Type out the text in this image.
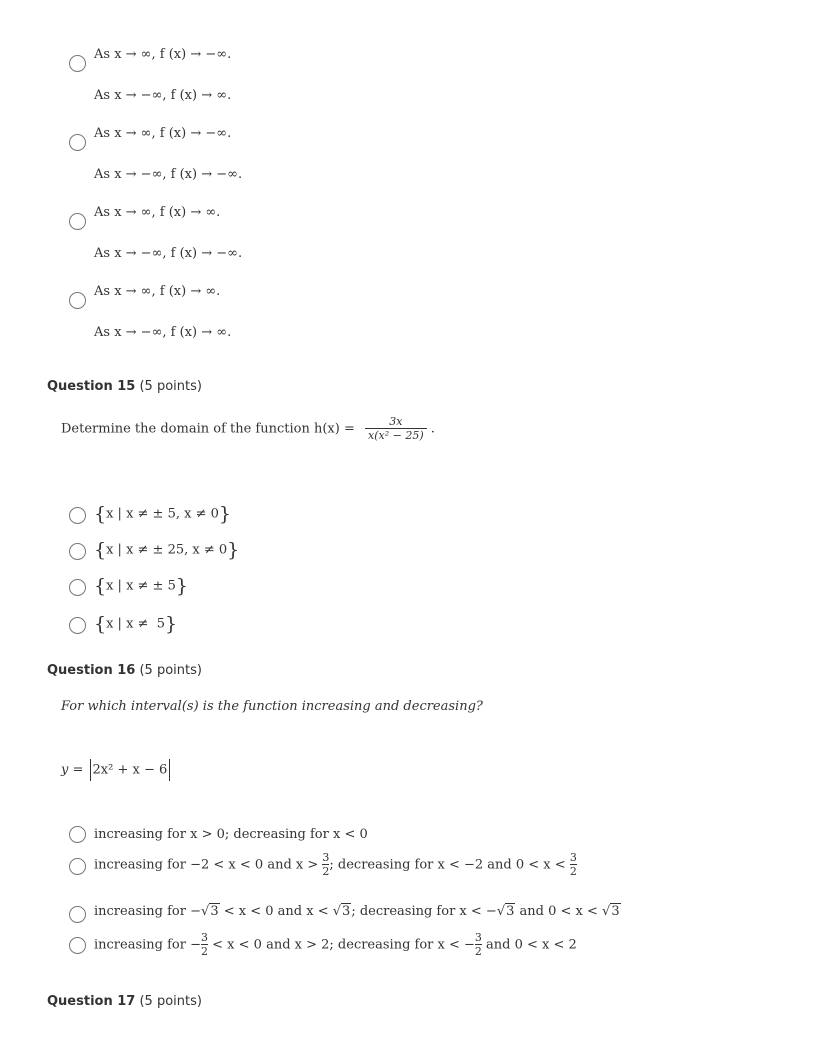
As x → ∞, f (x) → −∞.
As x → −∞, f (x) → ∞.
As x → ∞, f (x) → −∞.
As x → −∞, f (x) → −∞.
As x → ∞, f (x) → ∞.
As x → −∞, f (x) → −∞.
As x → ∞, f (x) → ∞.
As x → −∞, f (x) → ∞.
Question 15 (5 points)
Determine the domain of the function $h(x) = \frac{3x}{\text{x(x² − 25)}}$ .
{x | x ≠ ± 5, x ≠ 0}
{x | x ≠ ± 25, x ≠ 0}
{x | x ≠ ± 5}
{x | x ≠  5}
Question 16 (5 points)
For which interval(s) is the function increasing and decreasing?
y = 2x² + x − 6
increasing for x > 0; decreasing for x < 0
increasing for −2 < x < 0 and $x > \frac{3}{2}$ ; decreasing for x < −2 and $0 < x < \frac{3}{2}$
increasing for −√3 < x < 0 and x < √3; decreasing for x < −√3 and 0 < x < √3
increasing for − $\frac{3}{2} < x < 0$ and x > 2; decreasing for x < − $\frac{3}{2}$ and 0 < x < 2
Question 17 (5 points)
